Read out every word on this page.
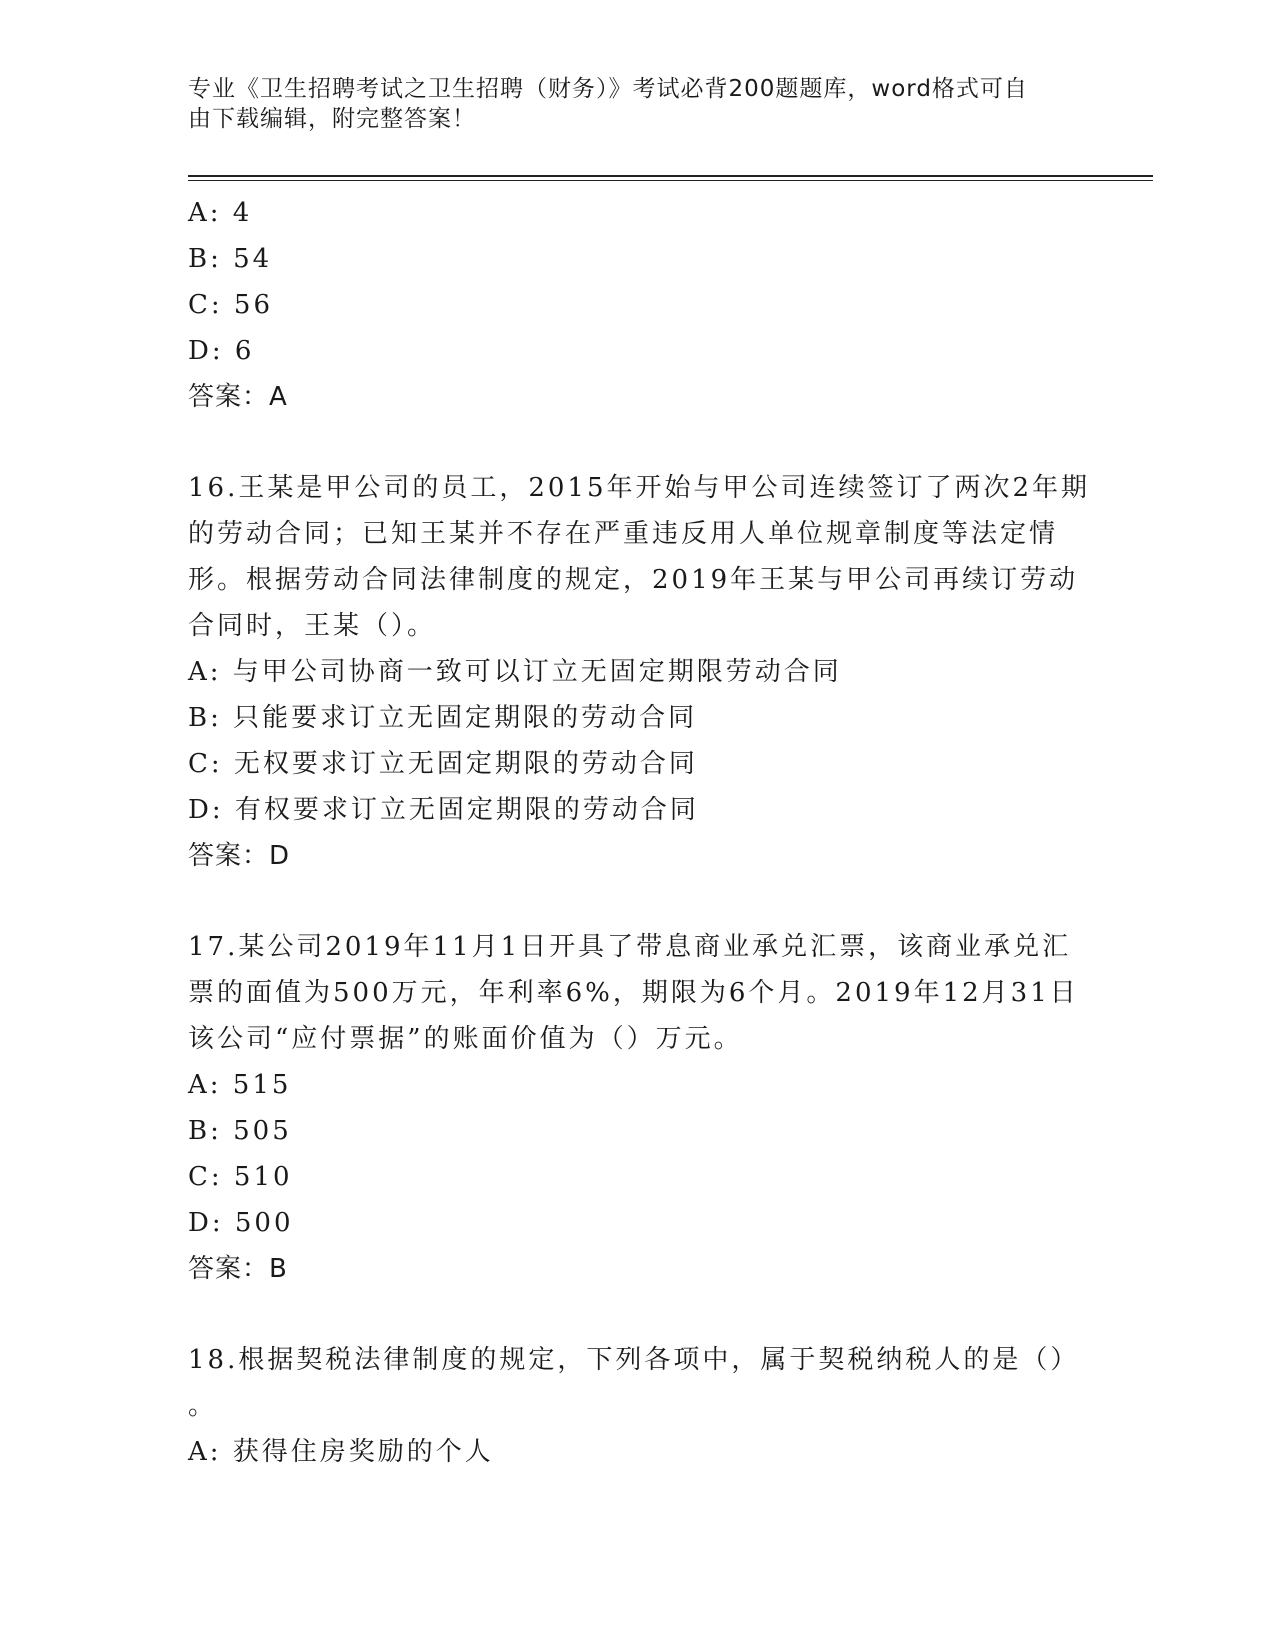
专业《卫生招聘考试之卫生招聘（财务）》考试必背200题题库，word格式可自
由下载编辑，附完整答案！
A: 4
B: 54
C: 56
D: 6
答案：A
16.王某是甲公司的员工，2015年开始与甲公司连续签订了两次2年期
的劳动合同；已知王某并不存在严重违反用人单位规章制度等法定情
形。根据劳动合同法律制度的规定，2019年王某与甲公司再续订劳动
合同时，王某（）。
A: 与甲公司协商一致可以订立无固定期限劳动合同
B: 只能要求订立无固定期限的劳动合同
C: 无权要求订立无固定期限的劳动合同
D: 有权要求订立无固定期限的劳动合同
答案：D
17.某公司2019年11月1日开具了带息商业承兑汇票，该商业承兑汇
票的面值为500万元，年利率6%，期限为6个月。2019年12月31日
该公司“应付票据”的账面价值为（）万元。
A: 515
B: 505
C: 510
D: 500
答案：B
18.根据契税法律制度的规定，下列各项中，属于契税纳税人的是（）
。
A: 获得住房奖励的个人
